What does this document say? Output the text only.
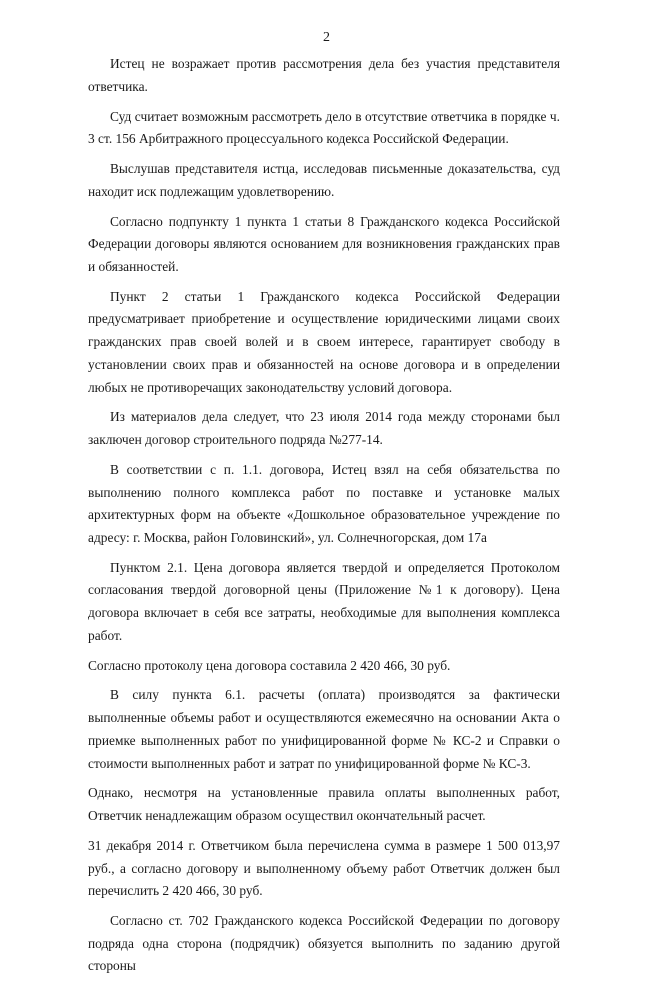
2

Истец не возражает против рассмотрения дела без участия представителя ответчика.

Суд считает возможным рассмотреть дело в отсутствие ответчика в порядке ч. 3 ст. 156 Арбитражного процессуального кодекса Российской Федерации.

Выслушав представителя истца, исследовав письменные доказательства, суд находит иск подлежащим удовлетворению.

Согласно подпункту 1 пункта 1 статьи 8 Гражданского кодекса Российской Федерации договоры являются основанием для возникновения гражданских прав и обязанностей.

Пункт 2 статьи 1 Гражданского кодекса Российской Федерации предусматривает приобретение и осуществление юридическими лицами своих гражданских прав своей волей и в своем интересе, гарантирует свободу в установлении своих прав и обязанностей на основе договора и в определении любых не противоречащих законодательству условий договора.

Из материалов дела следует, что 23 июля 2014 года между сторонами был заключен договор строительного подряда №277-14.

В соответствии с п. 1.1. договора, Истец взял на себя обязательства по выполнению полного комплекса работ по поставке и установке малых архитектурных форм на объекте «Дошкольное образовательное учреждение по адресу: г. Москва, район Головинский», ул. Солнечногорская, дом 17а

Пунктом 2.1. Цена договора является твердой и определяется Протоколом согласования твердой договорной цены (Приложение №1 к договору). Цена договора включает в себя все затраты, необходимые для выполнения комплекса работ.

Согласно протоколу цена договора составила 2 420 466, 30 руб.

В силу пункта 6.1. расчеты (оплата) производятся за фактически выполненные объемы работ и осуществляются ежемесячно на основании Акта о приемке выполненных работ по унифицированной форме № КС-2 и Справки о стоимости выполненных работ и затрат по унифицированной форме № КС-3.

Однако, несмотря на установленные правила оплаты выполненных работ, Ответчик ненадлежащим образом осуществил окончательный расчет.

31 декабря 2014 г. Ответчиком была перечислена сумма в размере 1 500 013,97 руб., а согласно договору и выполненному объему работ Ответчик должен был перечислить 2 420 466, 30 руб.

Согласно ст. 702 Гражданского кодекса Российской Федерации по договору подряда одна сторона (подрядчик) обязуется выполнить по заданию другой стороны
